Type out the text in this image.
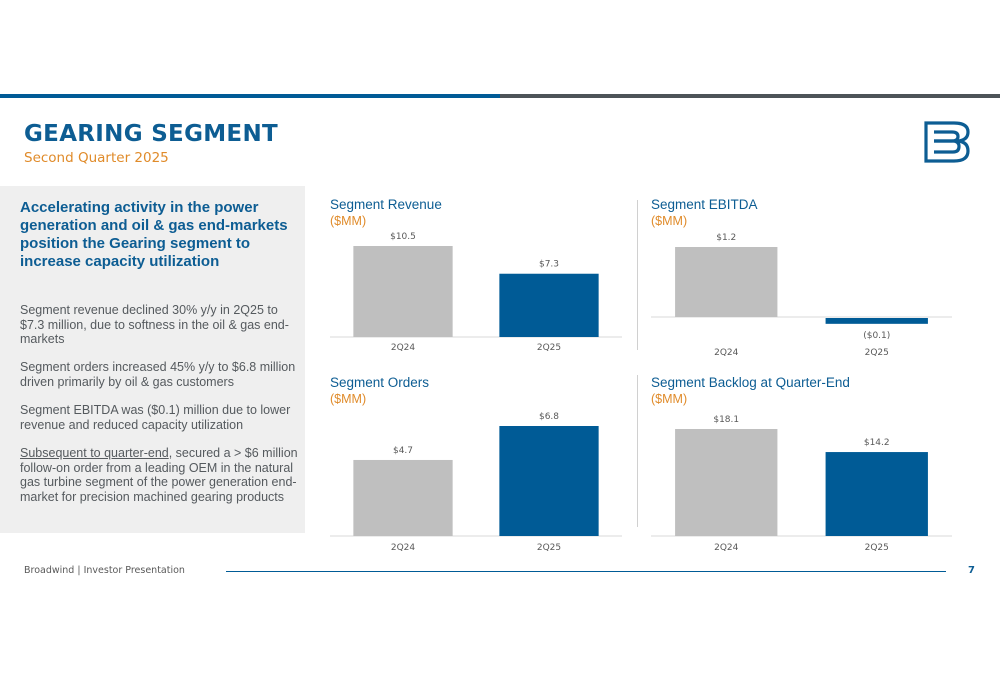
GEARING SEGMENT
Second Quarter 2025
Accelerating activity in the power generation and oil & gas end-markets position the Gearing segment to increase capacity utilization
Segment revenue declined 30% y/y in 2Q25 to $7.3 million, due to softness in the oil & gas end-markets
Segment orders increased 45% y/y to $6.8 million driven primarily by oil & gas customers
Segment EBITDA was ($0.1) million due to lower revenue and reduced capacity utilization
Subsequent to quarter-end, secured a > $6 million follow-on order from a leading OEM in the natural gas turbine segment of the power generation end-market for precision machined gearing products
Segment Revenue
($MM)
$10.5
2Q24
$7.3
2Q25
Segment EBITDA
($MM)
$1.2
2Q24
($0.1)
2Q25
Segment Orders
($MM)
$4.7
2Q24
$6.8
2Q25
Segment Backlog at Quarter-End
($MM)
$18.1
2Q24
$14.2
2Q25
Broadwind | Investor Presentation	7
